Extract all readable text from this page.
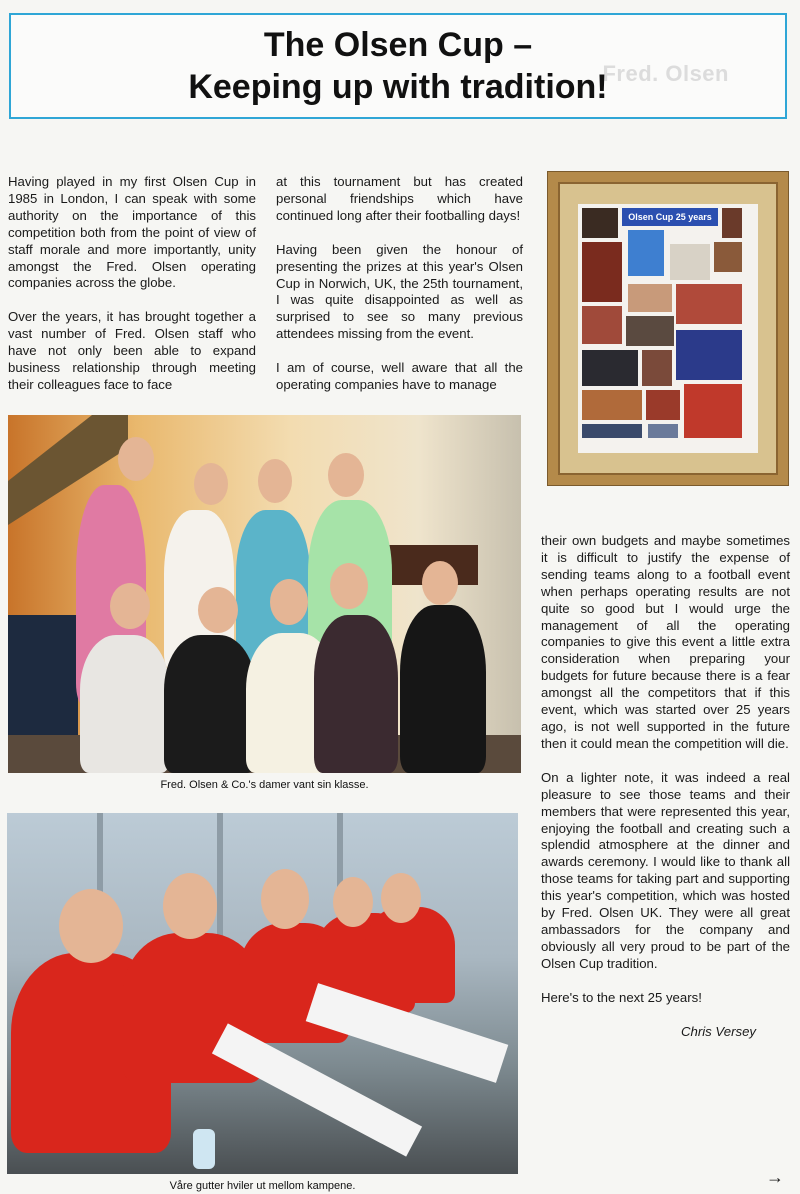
Fred. Olsen
The Olsen Cup –
Keeping up with tradition!

Having played in my first Olsen Cup in 1985 in London, I can speak with some authority on the importance of this competition both from the point of view of staff morale and more importantly, unity amongst the Fred. Olsen operating companies across the globe.

Over the years, it has brought together a vast number of Fred. Olsen staff who have not only been able to expand business relationship through meeting their colleagues face to face

at this tournament but has created personal friendships which have continued long after their footballing days!

Having been given the honour of presenting the prizes at this year's Olsen Cup in Norwich, UK, the 25th tournament, I was quite disappointed as well as surprised to see so many previous attendees missing from the event.

I am of course, well aware that all the operating companies have to manage

Olsen Cup 25 years
Fred. Olsen & Co.'s damer vant sin klasse.
Våre gutter hviler ut mellom kampene.

their own budgets and maybe sometimes it is difficult to justify the expense of sending teams along to a football event when perhaps operating results are not quite so good but I would urge the management of all the operating companies to give this event a little extra consideration when preparing your budgets for future because there is a fear amongst all the competitors that if this event, which was started over 25 years ago, is not well supported in the future then it could mean the competition will die.

On a lighter note, it was indeed a real pleasure to see those teams and their members that were represented this year, enjoying the football and creating such a splendid atmosphere at the dinner and awards ceremony. I would like to thank all those teams for taking part and supporting this year's competition, which was hosted by Fred. Olsen UK. They were all great ambassadors for the company and obviously all very proud to be part of the Olsen Cup tradition.

Here's to the next 25 years!

Chris Versey
→
